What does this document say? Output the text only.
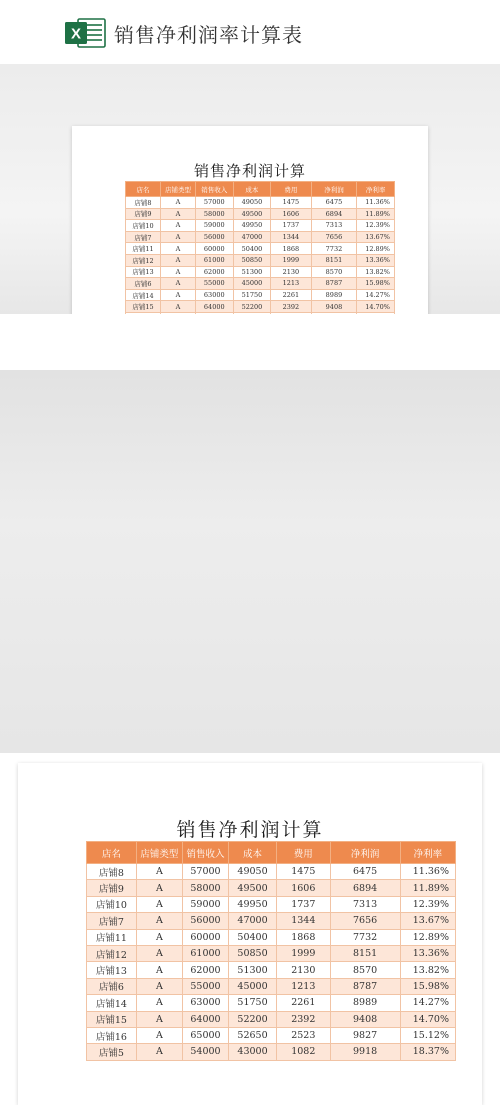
X 销售净利润率计算表
销售净利润计算
店名	店铺类型	销售收入	成本	费用	净利润	净利率
店铺8	A	57000	49050	1475	6475	11.36%
店铺9	A	58000	49500	1606	6894	11.89%
店铺10	A	59000	49950	1737	7313	12.39%
店铺7	A	56000	47000	1344	7656	13.67%
店铺11	A	60000	50400	1868	7732	12.89%
店铺12	A	61000	50850	1999	8151	13.36%
店铺13	A	62000	51300	2130	8570	13.82%
店铺6	A	55000	45000	1213	8787	15.98%
店铺14	A	63000	51750	2261	8989	14.27%
店铺15	A	64000	52200	2392	9408	14.70%

销售净利润计算
店名	店铺类型	销售收入	成本	费用	净利润	净利率
店铺8	A	57000	49050	1475	6475	11.36%
店铺9	A	58000	49500	1606	6894	11.89%
店铺10	A	59000	49950	1737	7313	12.39%
店铺7	A	56000	47000	1344	7656	13.67%
店铺11	A	60000	50400	1868	7732	12.89%
店铺12	A	61000	50850	1999	8151	13.36%
店铺13	A	62000	51300	2130	8570	13.82%
店铺6	A	55000	45000	1213	8787	15.98%
店铺14	A	63000	51750	2261	8989	14.27%
店铺15	A	64000	52200	2392	9408	14.70%
店铺16	A	65000	52650	2523	9827	15.12%
店铺5	A	54000	43000	1082	9918	18.37%
